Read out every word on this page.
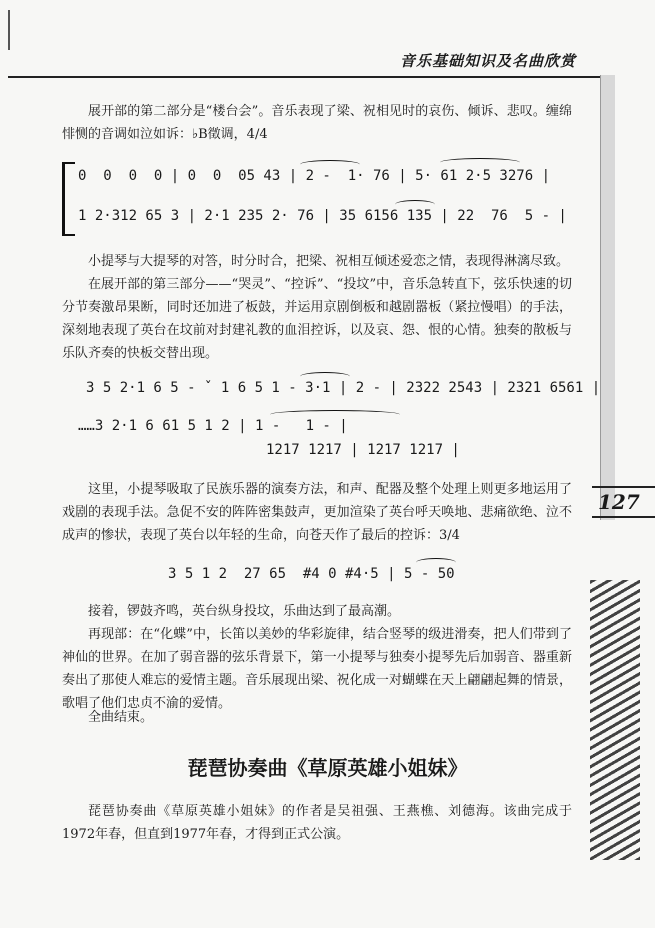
音乐基础知识及名曲欣赏
127
展开部的第二部分是“楼台会”。音乐表现了梁、祝相见时的哀伤、倾诉、悲叹。缠绵悱恻的音调如泣如诉：♭B徵调，4/4
0  0  0  0 | 0  0  05 43 | 2 -  1· 76 | 5· 61 2·5 3276 |
1 2·312 65 3 | 2·1 235 2· 76 | 35 6156 135 | 22  76  5 - |
小提琴与大提琴的对答，时分时合，把梁、祝相互倾述爱恋之情，表现得淋漓尽致。
在展开部的第三部分——“哭灵”、“控诉”、“投坟”中，音乐急转直下，弦乐快速的切分节奏激昂果断，同时还加进了板鼓，并运用京剧倒板和越剧嚣板（紧拉慢唱）的手法，深刻地表现了英台在坟前对封建礼教的血泪控诉，以及哀、怨、恨的心情。独奏的散板与乐队齐奏的快板交替出现。
3 5 2·1 6 5 - ˇ 1 6 5 1 - 3·1 | 2 - | 2322 2543 | 2321 6561 |
……3 2·1 6 61 5 1 2 | 1 -   1 - |
1217 1217 | 1217 1217 |
这里，小提琴吸取了民族乐器的演奏方法，和声、配器及整个处理上则更多地运用了戏剧的表现手法。急促不安的阵阵密集鼓声，更加渲染了英台呼天唤地、悲痛欲绝、泣不成声的惨状，表现了英台以年轻的生命，向苍天作了最后的控诉：3/4
3 5 1 2  27 65  #4 0 #4·5 | 5 - 50
接着，锣鼓齐鸣，英台纵身投坟，乐曲达到了最高潮。
再现部：在“化蝶”中，长笛以美妙的华彩旋律，结合竖琴的级进滑奏，把人们带到了神仙的世界。在加了弱音器的弦乐背景下，第一小提琴与独奏小提琴先后加弱音、器重新奏出了那使人难忘的爱情主题。音乐展现出梁、祝化成一对蝴蝶在天上翩翩起舞的情景，歌唱了他们忠贞不渝的爱情。
全曲结束。
琵琶协奏曲《草原英雄小姐妹》
琵琶协奏曲《草原英雄小姐妹》的作者是吴祖强、王燕樵、刘德海。该曲完成于1972年春，但直到1977年春，才得到正式公演。
